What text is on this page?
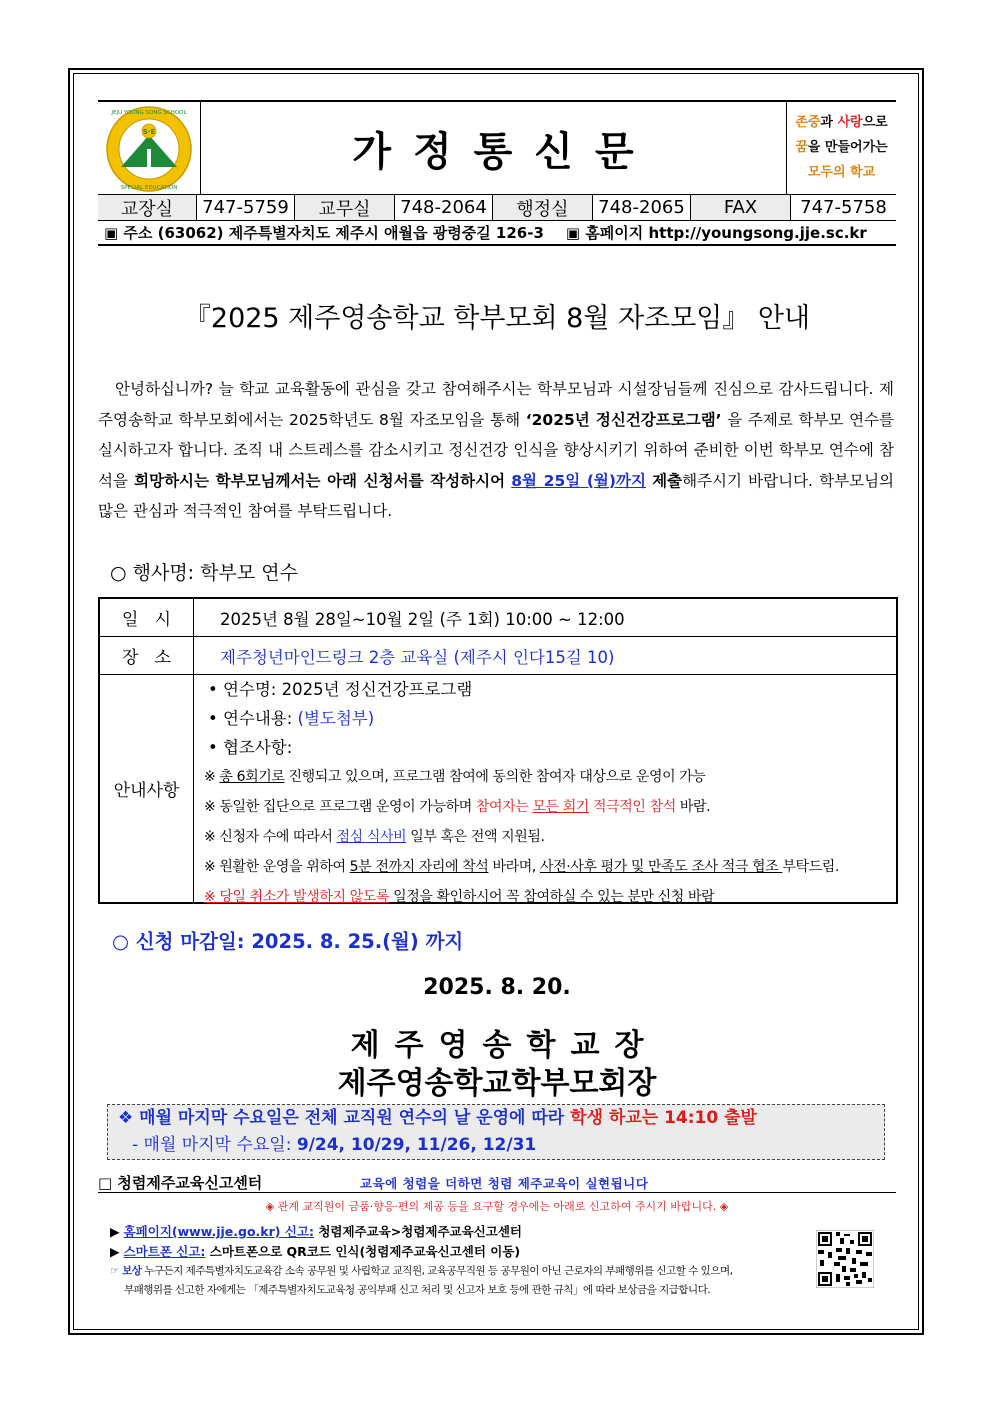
S·E
JEJU YOUNG SONG SCHOOL
SPECIAL EDUCATION
가정통신문
존중과 사랑으로
꿈을 만들어가는
모두의 학교
교장실	747-5759	교무실	748-2064	행정실	748-2065	FAX	747-5758
▣ 주소 (63062) 제주특별자치도 제주시 애월읍 광령중길 126-3 ▣ 홈페이지 http://youngsong.jje.sc.kr
『2025 제주영송학교 학부모회 8월 자조모임』 안내

안녕하십니까? 늘 학교 교육활동에 관심을 갖고 참여해주시는 학부모님과 시설장님들께 진심으로 감사드립니다. 제주영송학교 학부모회에서는 2025학년도 8월 자조모임을 통해 ‘2025년 정신건강프로그램’ 을 주제로 학부모 연수를 실시하고자 합니다. 조직 내 스트레스를 감소시키고 정신건강 인식을 향상시키기 위하여 준비한 이번 학부모 연수에 참석을 희망하시는 학부모님께서는 아래 신청서를 작성하시어 8월 25일 (월)까지 제출해주시기 바랍니다. 학부모님의 많은 관심과 적극적인 참여를 부탁드립니다.

○ 행사명: 학부모 연수
일   시	2025년 8월 28일~10월 2일 (주 1회) 10:00 ~ 12:00
장   소	제주청년마인드링크 2층 교육실 (제주시 인다15길 10)
안내사항
• 연수명: 2025년 정신건강프로그램
• 연수내용: (별도첨부)
• 협조사항:
※ 총 6회기로 진행되고 있으며, 프로그램 참여에 동의한 참여자 대상으로 운영이 가능
※ 동일한 집단으로 프로그램 운영이 가능하며 참여자는 모든 회기 적극적인 참석 바람.
※ 신청자 수에 따라서 점심 식사비 일부 혹은 전액 지원됨.
※ 원활한 운영을 위하여 5분 전까지 자리에 착석 바라며, 사전·사후 평가 및 만족도 조사 적극 협조 부탁드림.
※ 당일 취소가 발생하지 않도록 일정을 확인하시어 꼭 참여하실 수 있는 분만 신청 바람
○ 신청 마감일: 2025. 8. 25.(월) 까지
2025. 8. 20.
제주영송학교장
제주영송학교학부모회장
❖ 매월 마지막 수요일은 전체 교직원 연수의 날 운영에 따라 학생 하교는 14:10 출발
- 매월 마지막 수요일: 9/24, 10/29, 11/26, 12/31
□ 청렴제주교육신고센터	교육에 청렴을 더하면 청렴 제주교육이 실현됩니다
◈ 관계 교직원이 금품·향응·편의 제공 등을 요구할 경우에는 아래로 신고하여 주시기 바랍니다. ◈
▶ 홈페이지(www.jje.go.kr) 신고: 청렴제주교육>청렴제주교육신고센터
▶ 스마트폰 신고: 스마트폰으로 QR코드 인식(청렴제주교육신고센터 이동)
☞ 보상 누구든지 제주특별자치도교육감 소속 공무원 및 사립학교 교직원, 교육공무직원 등 공무원이 아닌 근로자의 부패행위를 신고할 수 있으며,
부패행위를 신고한 자에게는 「제주특별자치도교육청 공익부패 신고 처리 및 신고자 보호 등에 관한 규칙」에 따라 보상금을 지급합니다.
